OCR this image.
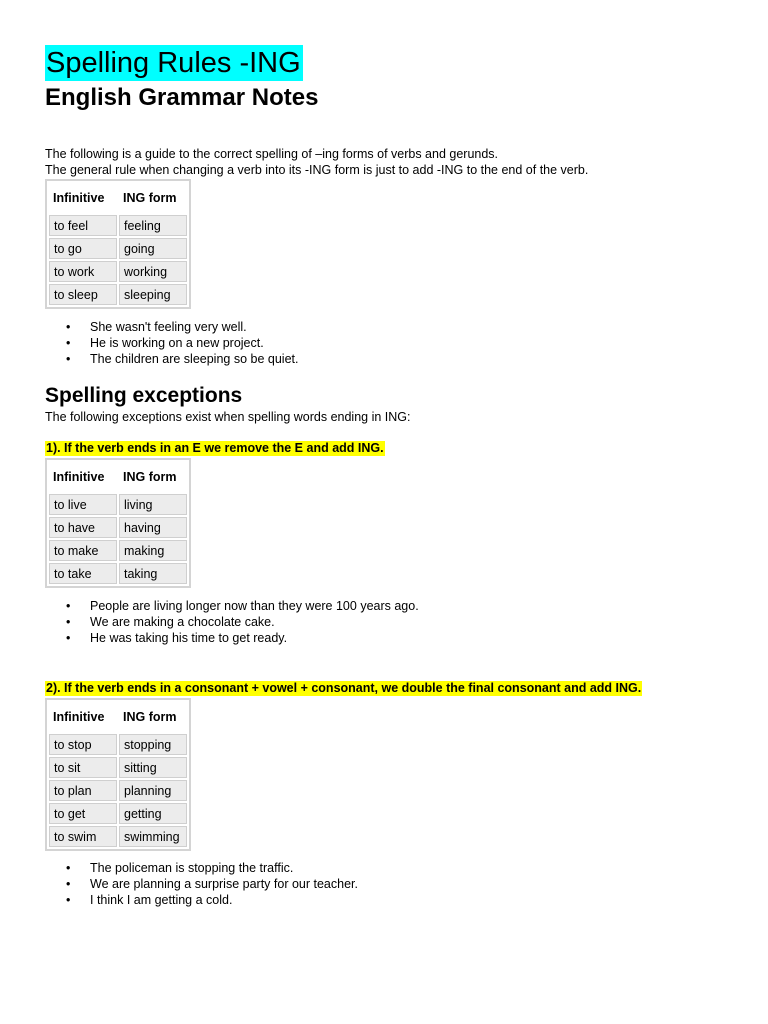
Spelling Rules -ING
English Grammar Notes

The following is a guide to the correct spelling of –ing forms of verbs and gerunds.

The general rule when changing a verb into its -ING form is just to add -ING to the end of the verb.

Infinitive	ING form
to feel	feeling
to go	going
to work	working
to sleep	sleeping
• She wasn't feeling very well.
• He is working on a new project.
• The children are sleeping so be quiet.
Spelling exceptions

The following exceptions exist when spelling words ending in ING:

1). If the verb ends in an E we remove the E and add ING.

Infinitive	ING form
to live	living
to have	having
to make	making
to take	taking
• People are living longer now than they were 100 years ago.
• We are making a chocolate cake.
• He was taking his time to get ready.

2). If the verb ends in a consonant + vowel + consonant, we double the final consonant and add ING.

Infinitive	ING form
to stop	stopping
to sit	sitting
to plan	planning
to get	getting
to swim	swimming
• The policeman is stopping the traffic.
• We are planning a surprise party for our teacher.
• I think I am getting a cold.
